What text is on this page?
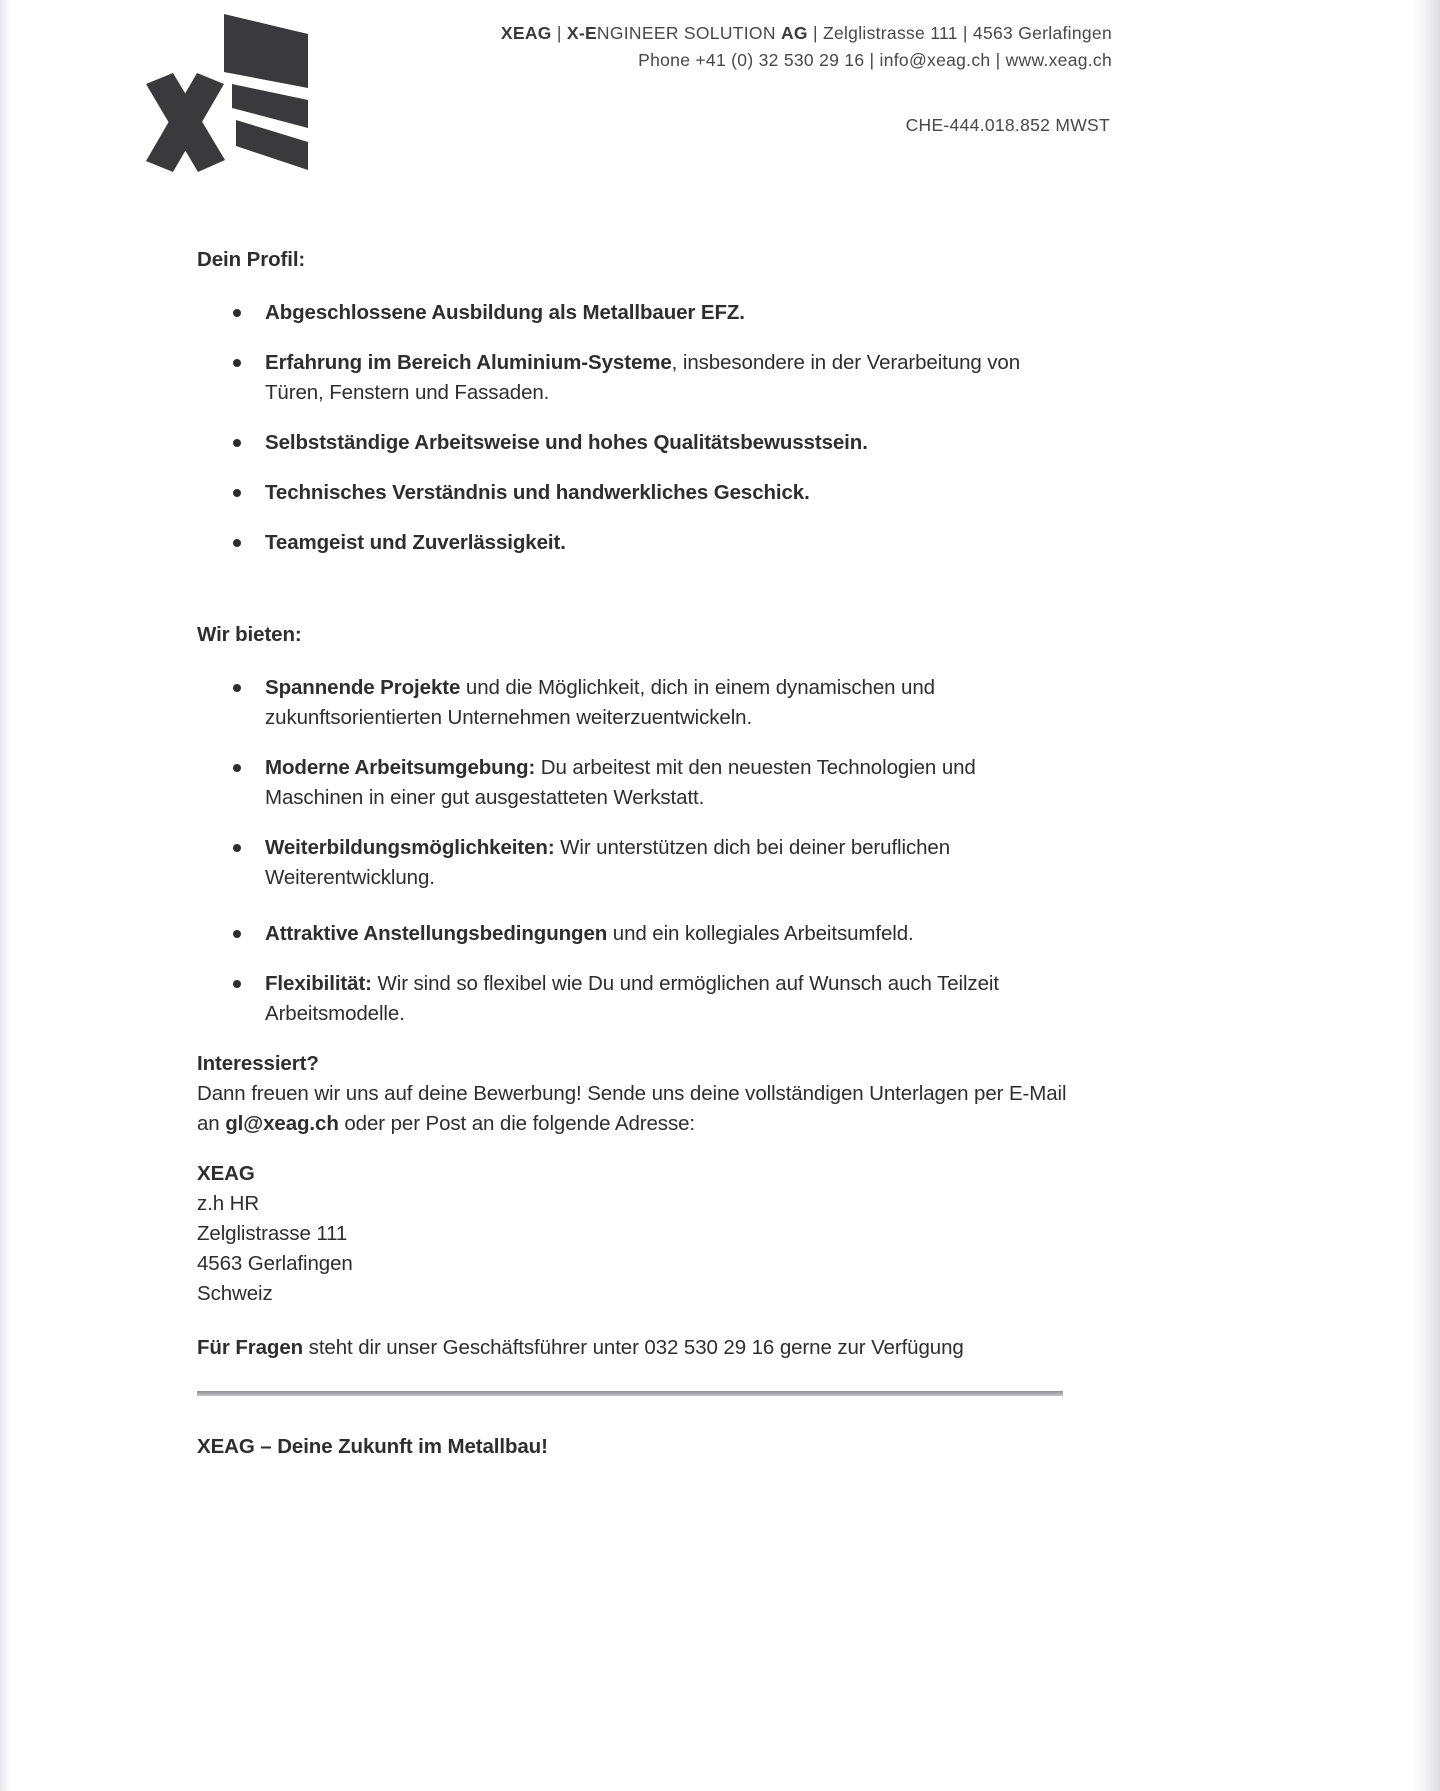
XEAG | X-ENGINEER SOLUTION AG | Zelglistrasse 111 | 4563 Gerlafingen
Phone +41 (0) 32 530 29 16 | info@xeag.ch | www.xeag.ch
CHE-444.018.852 MWST
Dein Profil:
Abgeschlossene Ausbildung als Metallbauer EFZ.
Erfahrung im Bereich Aluminium-Systeme, insbesondere in der Verarbeitung von
Türen, Fenstern und Fassaden.
Selbstständige Arbeitsweise und hohes Qualitätsbewusstsein.
Technisches Verständnis und handwerkliches Geschick.
Teamgeist und Zuverlässigkeit.
Wir bieten:
Spannende Projekte und die Möglichkeit, dich in einem dynamischen und
zukunftsorientierten Unternehmen weiterzuentwickeln.
Moderne Arbeitsumgebung: Du arbeitest mit den neuesten Technologien und
Maschinen in einer gut ausgestatteten Werkstatt.
Weiterbildungsmöglichkeiten: Wir unterstützen dich bei deiner beruflichen
Weiterentwicklung.
Attraktive Anstellungsbedingungen und ein kollegiales Arbeitsumfeld.
Flexibilität: Wir sind so flexibel wie Du und ermöglichen auf Wunsch auch Teilzeit
Arbeitsmodelle.
Interessiert?
Dann freuen wir uns auf deine Bewerbung! Sende uns deine vollständigen Unterlagen per E-Mail
an gl@xeag.ch oder per Post an die folgende Adresse:
XEAG
z.h HR
Zelglistrasse 111
4563 Gerlafingen
Schweiz
Für Fragen steht dir unser Geschäftsführer unter 032 530 29 16 gerne zur Verfügung
XEAG – Deine Zukunft im Metallbau!
